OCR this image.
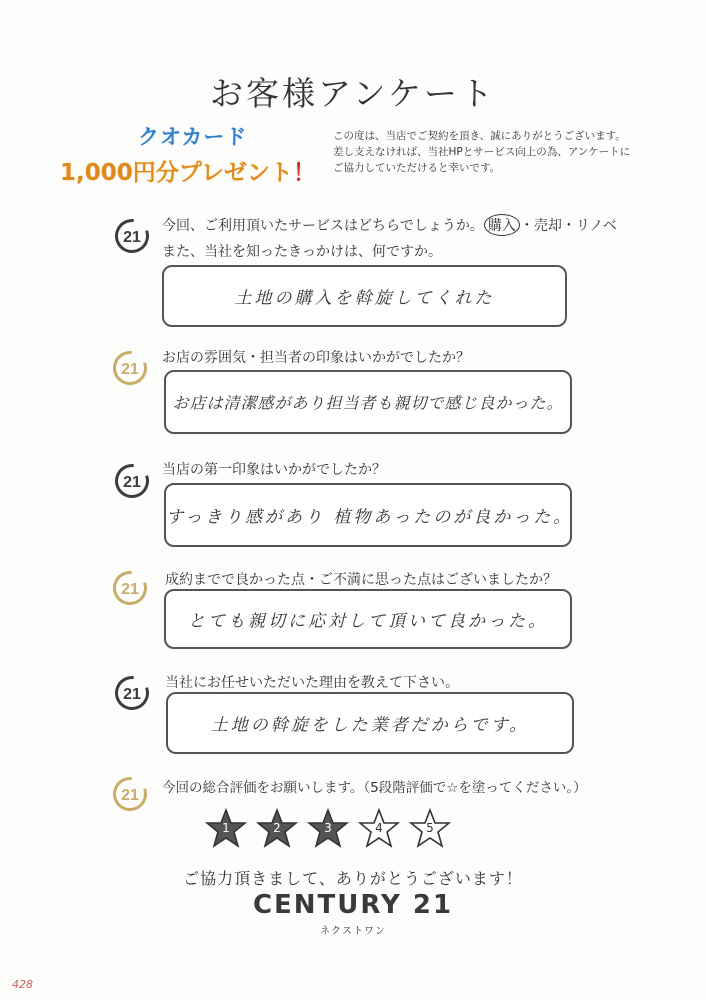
お客様アンケート
クオカード
1,000円分プレゼント！
この度は、当店でご契約を頂き、誠にありがとうございます。
差し支えなければ、当社HPとサービス向上の為、アンケートに
ご協力していただけると幸いです。
21
今回、ご利用頂いたサービスはどちらでしょうか。 購入 ・売却・リノベ
また、当社を知ったきっかけは、何ですか。
土地の購入を斡旋してくれた
21
お店の雰囲気・担当者の印象はいかがでしたか？
お店は清潔感があり担当者も親切で感じ良かった。
21
当店の第一印象はいかがでしたか？
すっきり感があり 植物あったのが良かった。
21
成約までで良かった点・ご不満に思った点はございましたか？
とても親切に応対して頂いて良かった。
21
当社にお任せいただいた理由を教えて下さい。
土地の斡旋をした業者だからです。
21 今回の総合評価をお願いします。（5段階評価で☆を塗ってください。）
1	2	3	4	5
ご協力頂きまして、ありがとうございます！
CENTURY 21
ネクストワン
428
